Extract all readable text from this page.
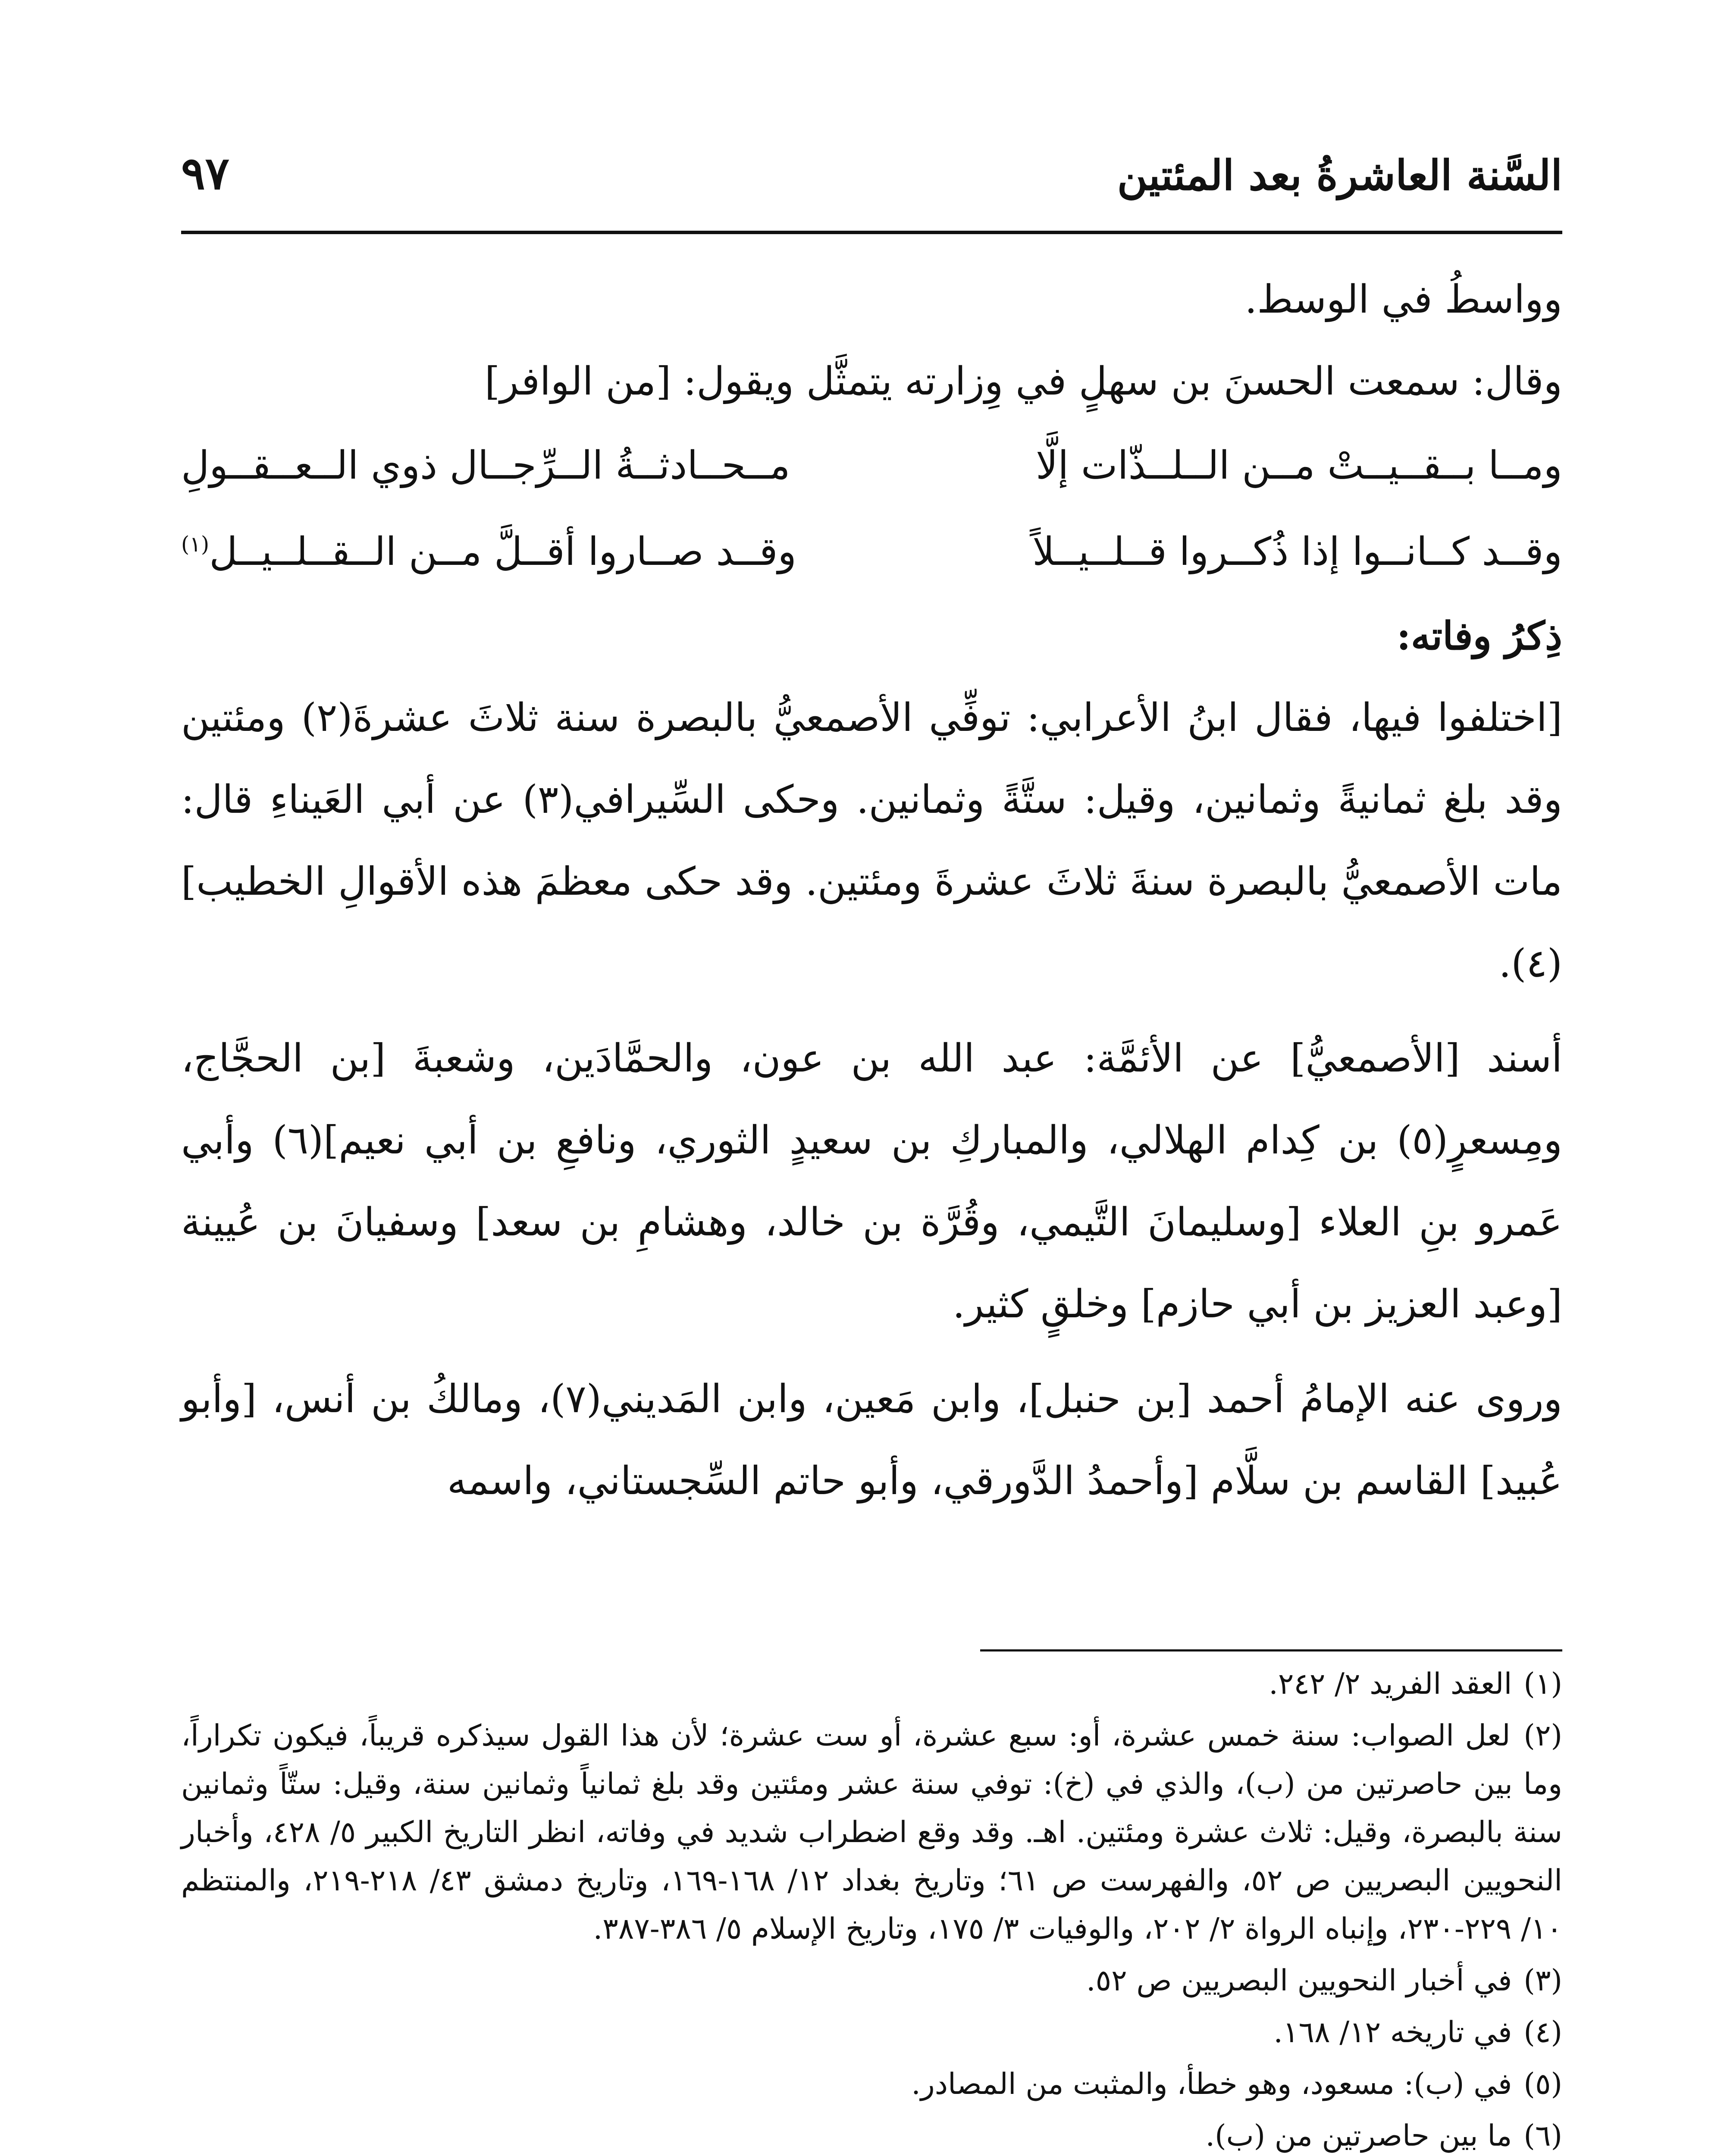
السَّنة العاشرةُ بعد المئتين
٩٧

وواسطُ في الوسط.

وقال: سمعت الحسنَ بن سهلٍ في وِزارته يتمثَّل ويقول: [من الوافر]

ومــا بــقــيــتْ مــن الــلــذّات إلَّا
مــحــادثــةُ الــرِّجــال ذوي الــعــقــولِ
وقــد كــانــوا إذا ذُكــروا قــلــيــلاً
وقــد صــاروا أقــلَّ مــن الــقــلــيــل$^{(١)}$

ذِكرُ وفاته:

[اختلفوا فيها، فقال ابنُ الأعرابي: توفِّي الأصمعيُّ بالبصرة سنة ثلاثَ عشرةَ(٢) ومئتين وقد بلغ ثمانيةً وثمانين، وقيل: ستَّةً وثمانين. وحكى السِّيرافي(٣) عن أبي العَيناءِ قال: مات الأصمعيُّ بالبصرة سنةَ ثلاثَ عشرةَ ومئتين. وقد حكى معظمَ هذه الأقوالِ الخطيب](٤).

أسند [الأصمعيُّ] عن الأئمَّة: عبد الله بن عون، والحمَّادَين، وشعبةَ [بن الحجَّاج، ومِسعرٍ(٥) بن كِدام الهلالي، والمباركِ بن سعيدٍ الثوري، ونافعِ بن أبي نعيم](٦) وأبي عَمرو بنِ العلاء [وسليمانَ التَّيمي، وقُرَّة بن خالد، وهشامِ بن سعد] وسفيانَ بن عُيينة [وعبد العزيز بن أبي حازم] وخلقٍ كثير.

وروى عنه الإمامُ أحمد [بن حنبل]، وابن مَعين، وابن المَديني(٧)، ومالكُ بن أنس، [وأبو عُبيد] القاسم بن سلَّام [وأحمدُ الدَّورقي، وأبو حاتم السِّجستاني، واسمه

(١) العقد الفريد ٢/ ٢٤٢.

(٢) لعل الصواب: سنة خمس عشرة، أو: سبع عشرة، أو ست عشرة؛ لأن هذا القول سيذكره قريباً، فيكون تكراراً، وما بين حاصرتين من (ب)، والذي في (خ): توفي سنة عشر ومئتين وقد بلغ ثمانياً وثمانين سنة، وقيل: ستّاً وثمانين سنة بالبصرة، وقيل: ثلاث عشرة ومئتين. اهـ. وقد وقع اضطراب شديد في وفاته، انظر التاريخ الكبير ٥/ ٤٢٨، وأخبار النحويين البصريين ص ٥٢، والفهرست ص ٦١؛ وتاريخ بغداد ١٢/ ١٦٨-١٦٩، وتاريخ دمشق ٤٣/ ٢١٨-٢١٩، والمنتظم ١٠/ ٢٢٩-٢٣٠، وإنباه الرواة ٢/ ٢٠٢، والوفيات ٣/ ١٧٥، وتاريخ الإسلام ٥/ ٣٨٦-٣٨٧.

(٣) في أخبار النحويين البصريين ص ٥٢.

(٤) في تاريخه ١٢/ ١٦٨.

(٥) في (ب): مسعود، وهو خطأ، والمثبت من المصادر.

(٦) ما بين حاصرتين من (ب).
